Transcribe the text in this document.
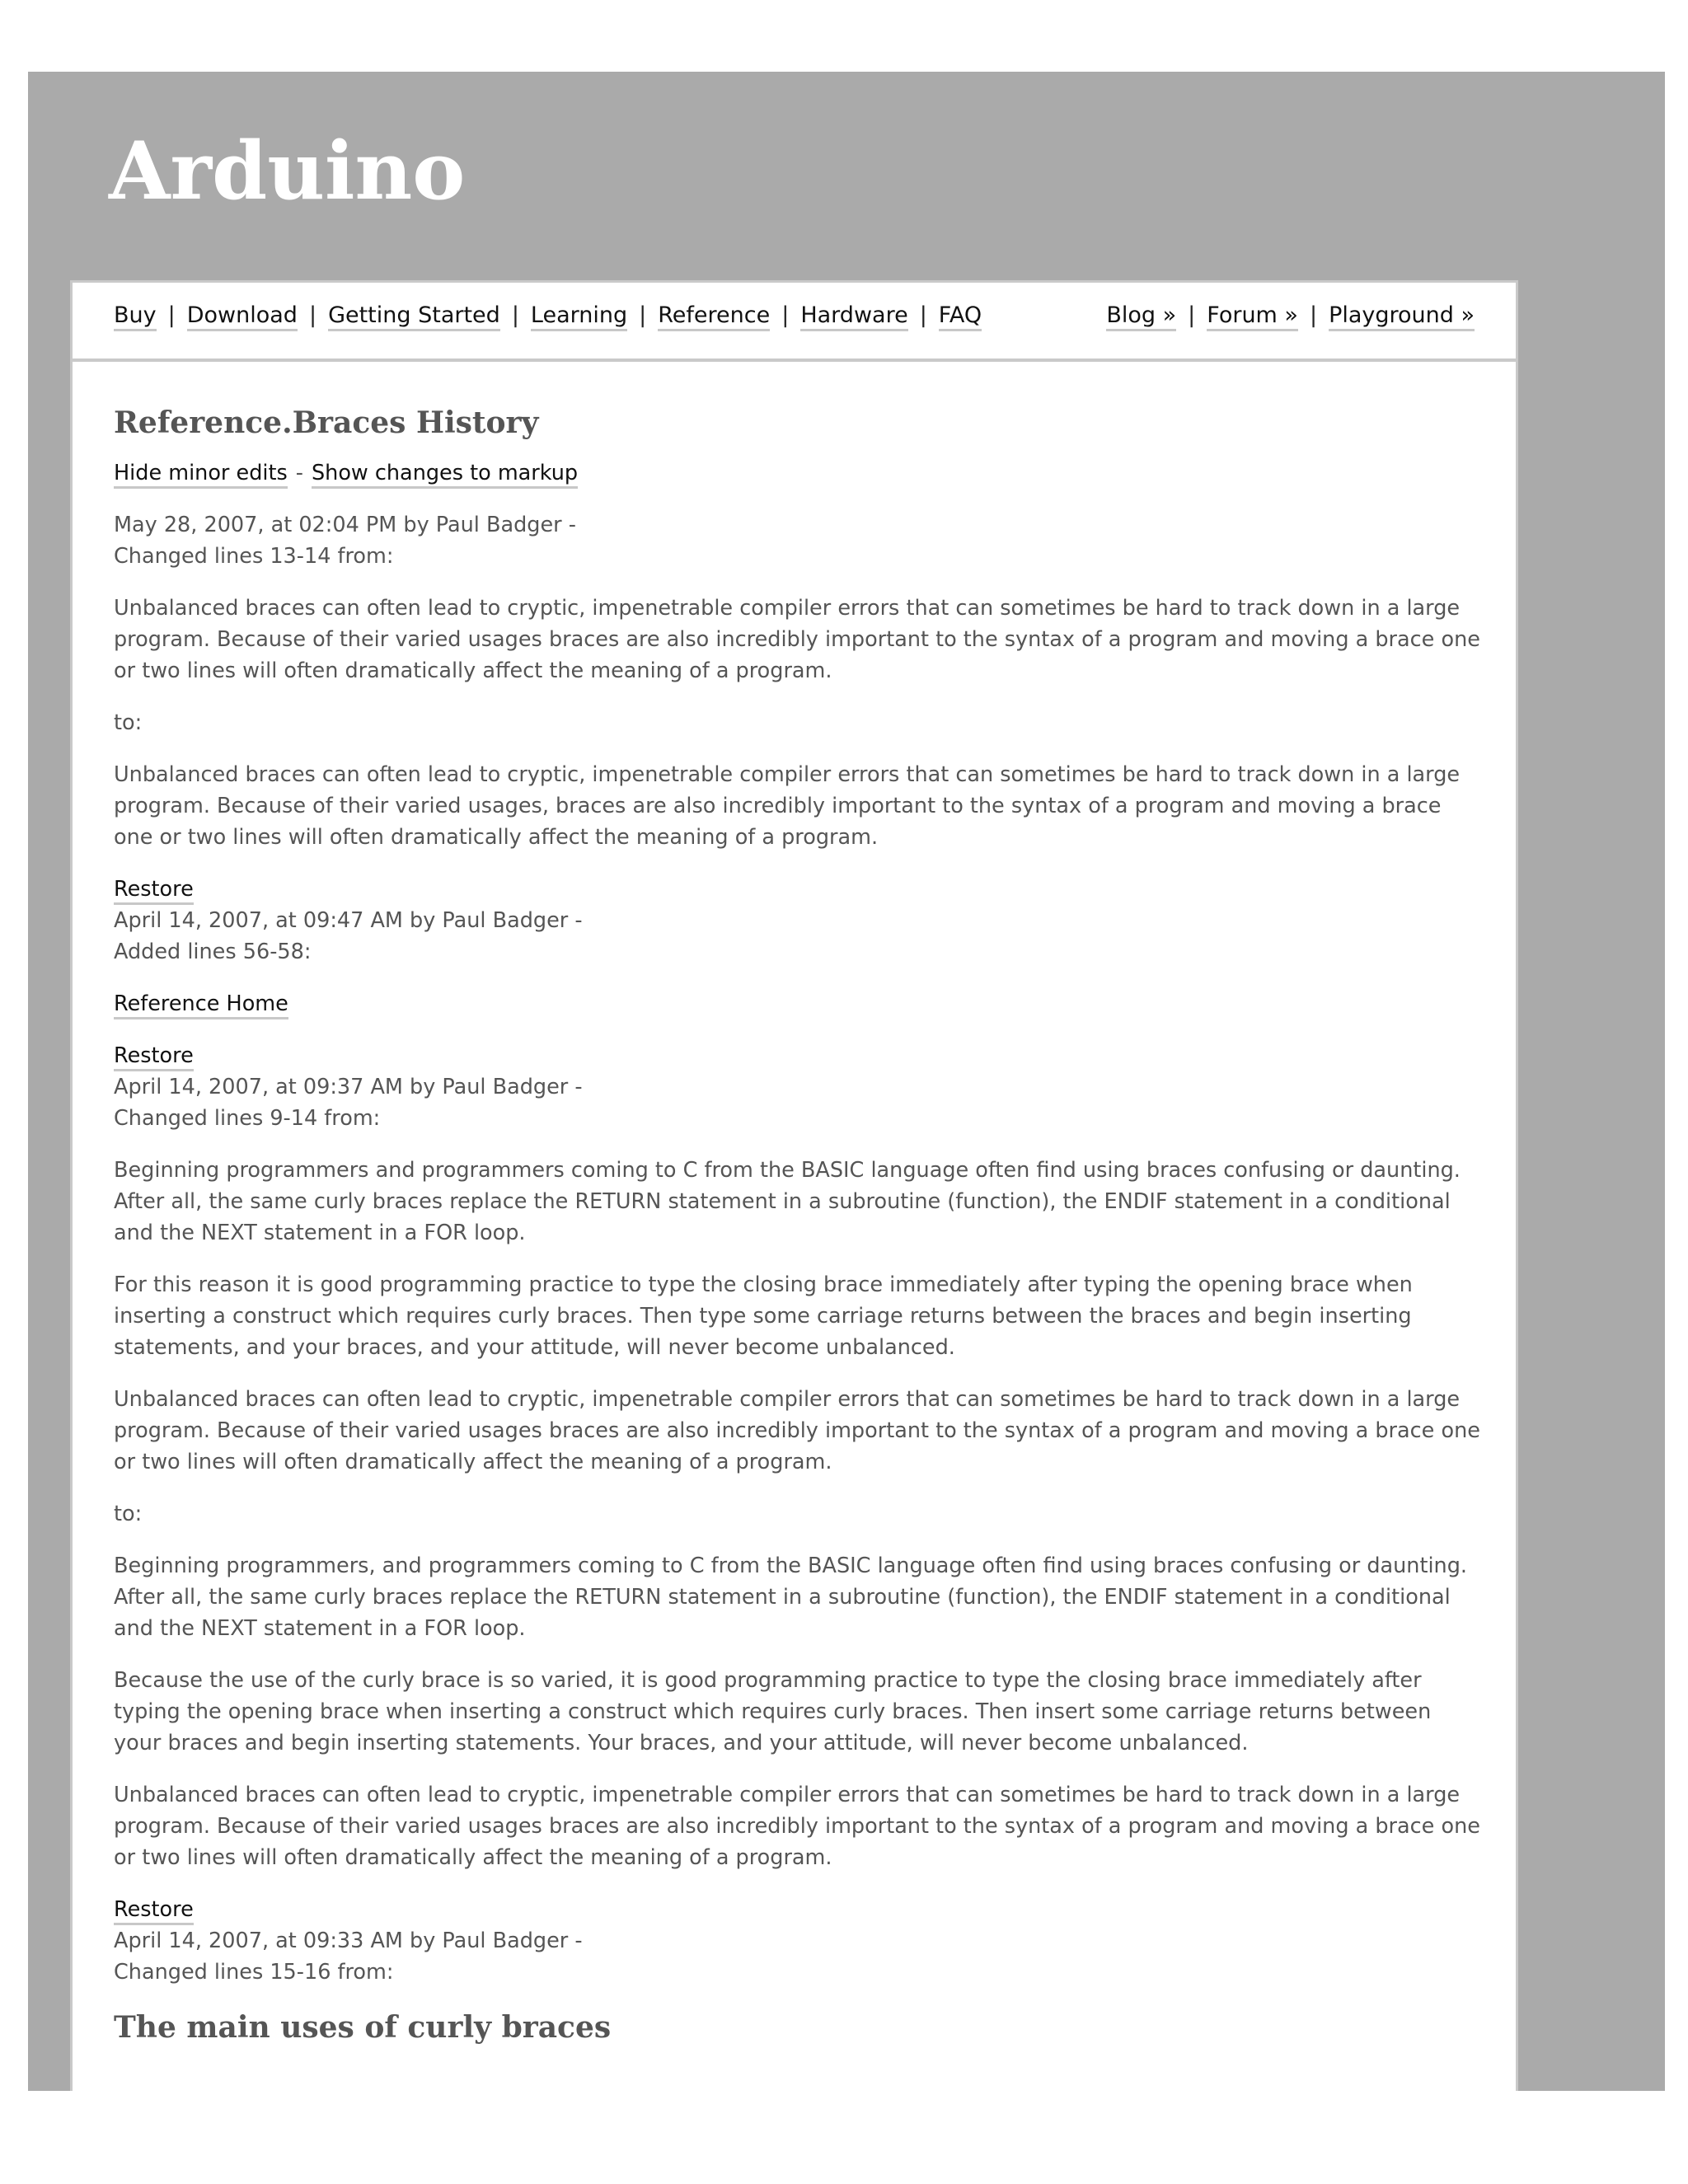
Arduino
Buy | Download | Getting Started | Learning | Reference | Hardware | FAQ	Blog » | Forum » | Playground »
Reference.Braces History

Hide minor edits - Show changes to markup

May 28, 2007, at 02:04 PM by Paul Badger -
Changed lines 13-14 from:

Unbalanced braces can often lead to cryptic, impenetrable compiler errors that can sometimes be hard to track down in a large program. Because of their varied usages braces are also incredibly important to the syntax of a program and moving a brace one or two lines will often dramatically affect the meaning of a program.

to:

Unbalanced braces can often lead to cryptic, impenetrable compiler errors that can sometimes be hard to track down in a large program. Because of their varied usages, braces are also incredibly important to the syntax of a program and moving a brace one or two lines will often dramatically affect the meaning of a program.

Restore
April 14, 2007, at 09:47 AM by Paul Badger -
Added lines 56-58:

Reference Home

Restore
April 14, 2007, at 09:37 AM by Paul Badger -
Changed lines 9-14 from:

Beginning programmers and programmers coming to C from the BASIC language often find using braces confusing or daunting. After all, the same curly braces replace the RETURN statement in a subroutine (function), the ENDIF statement in a conditional and the NEXT statement in a FOR loop.

For this reason it is good programming practice to type the closing brace immediately after typing the opening brace when inserting a construct which requires curly braces. Then type some carriage returns between the braces and begin inserting statements, and your braces, and your attitude, will never become unbalanced.

Unbalanced braces can often lead to cryptic, impenetrable compiler errors that can sometimes be hard to track down in a large program. Because of their varied usages braces are also incredibly important to the syntax of a program and moving a brace one or two lines will often dramatically affect the meaning of a program.

to:

Beginning programmers, and programmers coming to C from the BASIC language often find using braces confusing or daunting. After all, the same curly braces replace the RETURN statement in a subroutine (function), the ENDIF statement in a conditional and the NEXT statement in a FOR loop.

Because the use of the curly brace is so varied, it is good programming practice to type the closing brace immediately after typing the opening brace when inserting a construct which requires curly braces. Then insert some carriage returns between your braces and begin inserting statements. Your braces, and your attitude, will never become unbalanced.

Unbalanced braces can often lead to cryptic, impenetrable compiler errors that can sometimes be hard to track down in a large program. Because of their varied usages braces are also incredibly important to the syntax of a program and moving a brace one or two lines will often dramatically affect the meaning of a program.

Restore
April 14, 2007, at 09:33 AM by Paul Badger -
Changed lines 15-16 from:
The main uses of curly braces
